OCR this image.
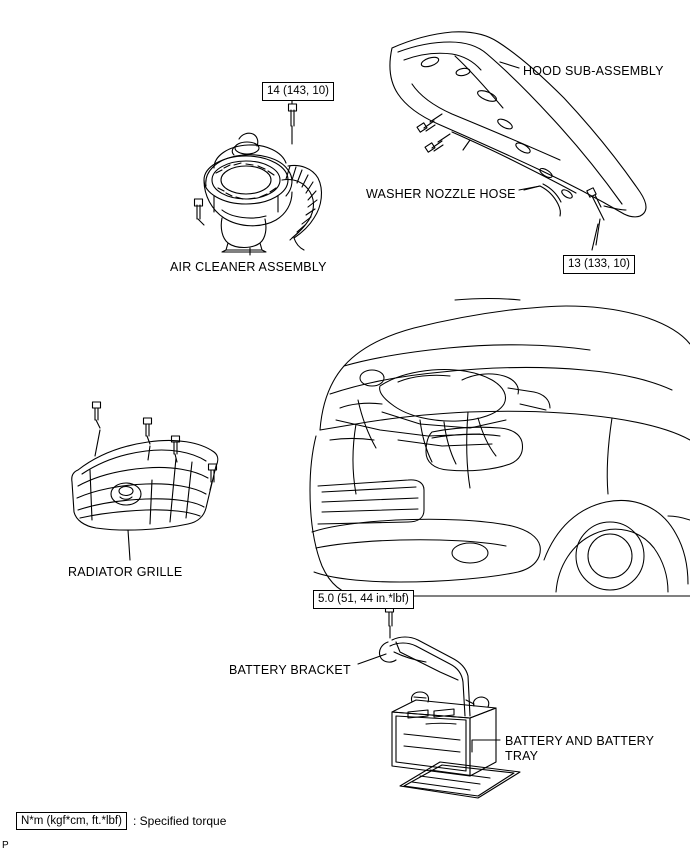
HOOD SUB-ASSEMBLY
WASHER NOZZLE HOSE
AIR CLEANER ASSEMBLY
RADIATOR GRILLE
BATTERY BRACKET
BATTERY AND BATTERY
TRAY
14 (143, 10)
13 (133, 10)
5.0 (51, 44 in.*lbf)
N*m (kgf*cm, ft.*lbf) : Specified torque
P
